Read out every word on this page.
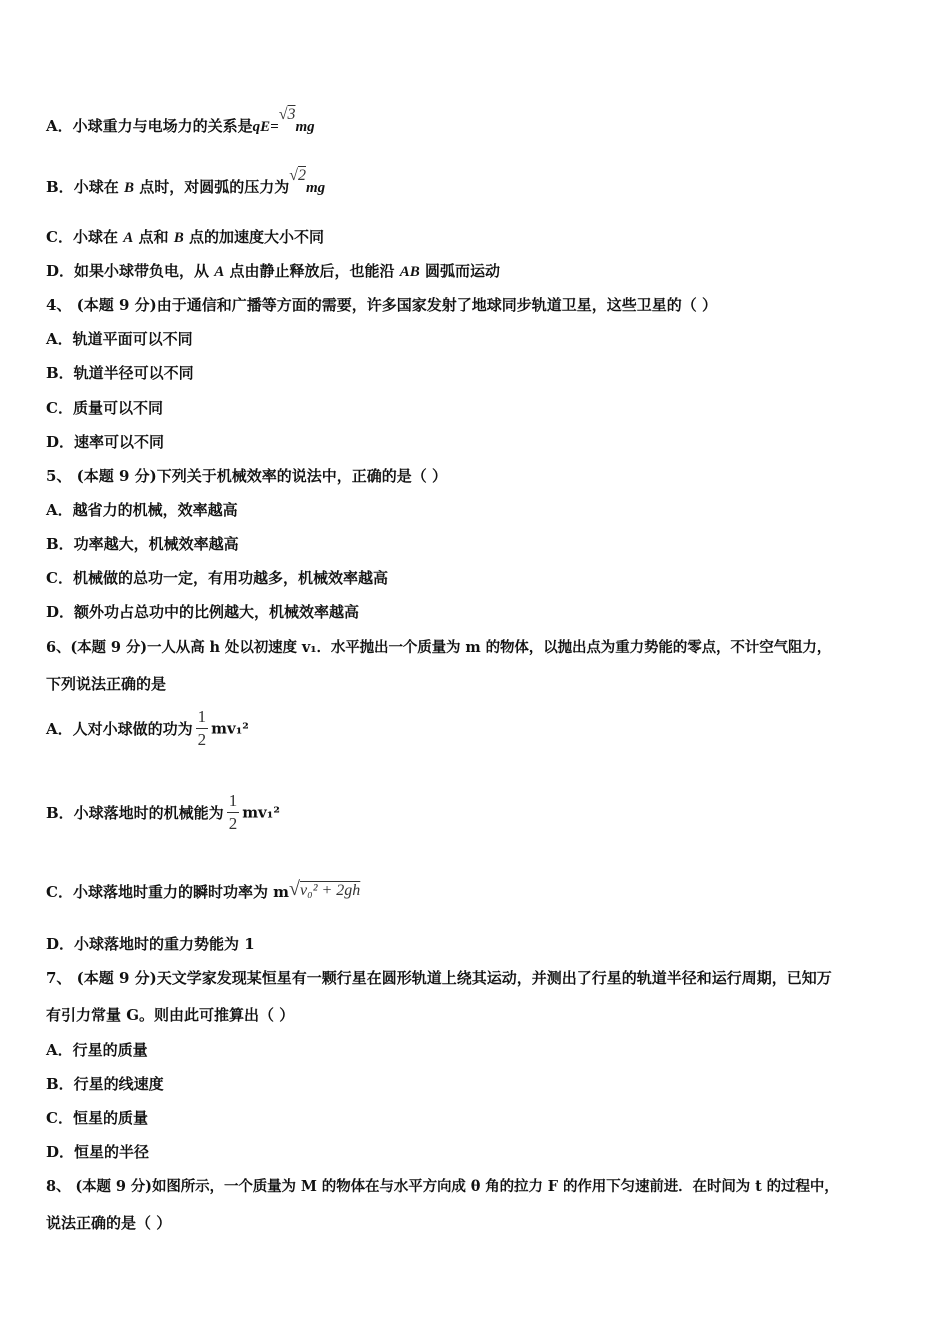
A．小球重力与电场力的关系是qE=√3mg
B．小球在 B 点时，对圆弧的压力为√2mg
C．小球在 A 点和 B 点的加速度大小不同
D．如果小球带负电，从 A 点由静止释放后，也能沿 AB 圆弧而运动
4、 (本题 9 分)由于通信和广播等方面的需要，许多国家发射了地球同步轨道卫星，这些卫星的（ ）
A．轨道平面可以不同
B．轨道半径可以不同
C．质量可以不同
D．速率可以不同
5、 (本题 9 分)下列关于机械效率的说法中，正确的是（ ）
A．越省力的机械，效率越高
B．功率越大，机械效率越高
C．机械做的总功一定，有用功越多，机械效率越高
D．额外功占总功中的比例越大，机械效率越高
6、(本题 9 分)一人从高 h 处以初速度 v₁．水平抛出一个质量为 m 的物体，以抛出点为重力势能的零点，不计空气阻力，
下列说法正确的是
A．人对小球做的功为 $\frac{1}{2} mv_1^2$
B．小球落地时的机械能为 $\frac{1}{2} mv_1^2$
C．小球落地时重力的瞬时功率为 m√v₀² + 2gh
D．小球落地时的重力势能为 1
7、 (本题 9 分)天文学家发现某恒星有一颗行星在圆形轨道上绕其运动，并测出了行星的轨道半径和运行周期，已知万
有引力常量 G。则由此可推算出（ ）
A．行星的质量
B．行星的线速度
C．恒星的质量
D．恒星的半径
8、 (本题 9 分)如图所示，一个质量为 M 的物体在与水平方向成 θ 角的拉力 F 的作用下匀速前进．在时间为 t 的过程中，
说法正确的是（ ）
